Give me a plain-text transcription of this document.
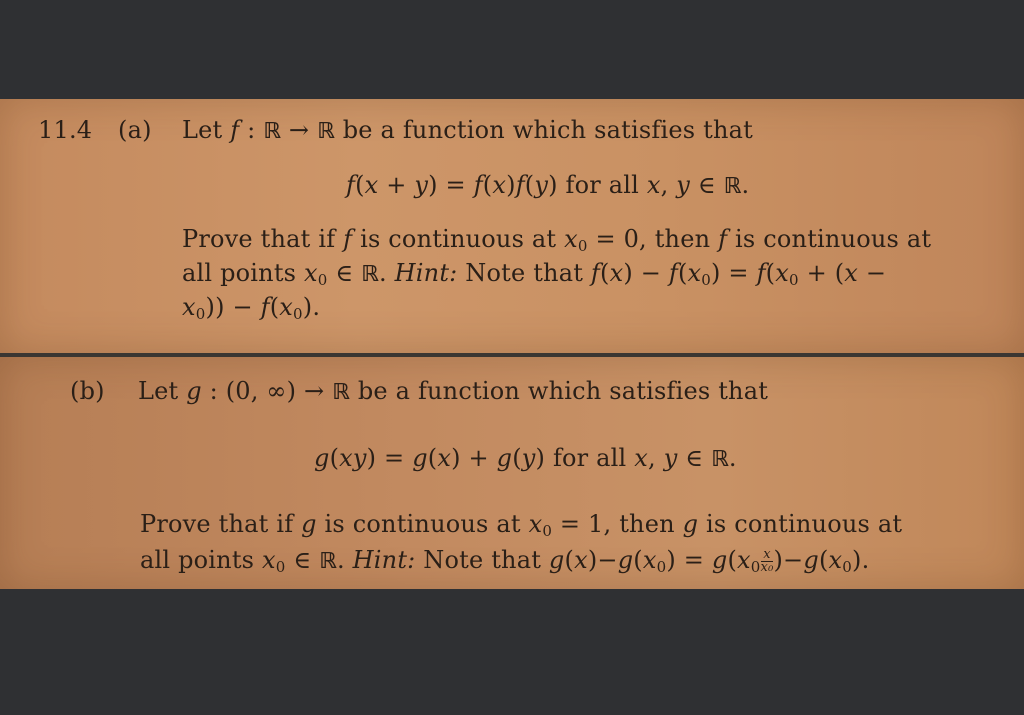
11.4 (a) Let f : ℝ → ℝ be a function which satisfies that
f(x + y) = f(x)f(y) for all x, y ∈ ℝ.
Prove that if f is continuous at $x_0 = 0$, then f is continuous at
all points $x_0$ ∈ ℝ. Hint: Note that $f(x) - f(x_0) = f(x_0 + (x$ −
$x_0)) - f(x_0)$.
(b) Let g : (0, ∞) → ℝ be a function which satisfies that
g(xy) = g(x) + g(y) for all x, y ∈ ℝ.
Prove that if g is continuous at $x_0 = 1$, then g is continuous at
all points $x_0$ ∈ ℝ. Hint: Note that $g(x)-g(x_0) = g(x_0 \frac{x}{\text{x₀}} )-g(x_0)$.
